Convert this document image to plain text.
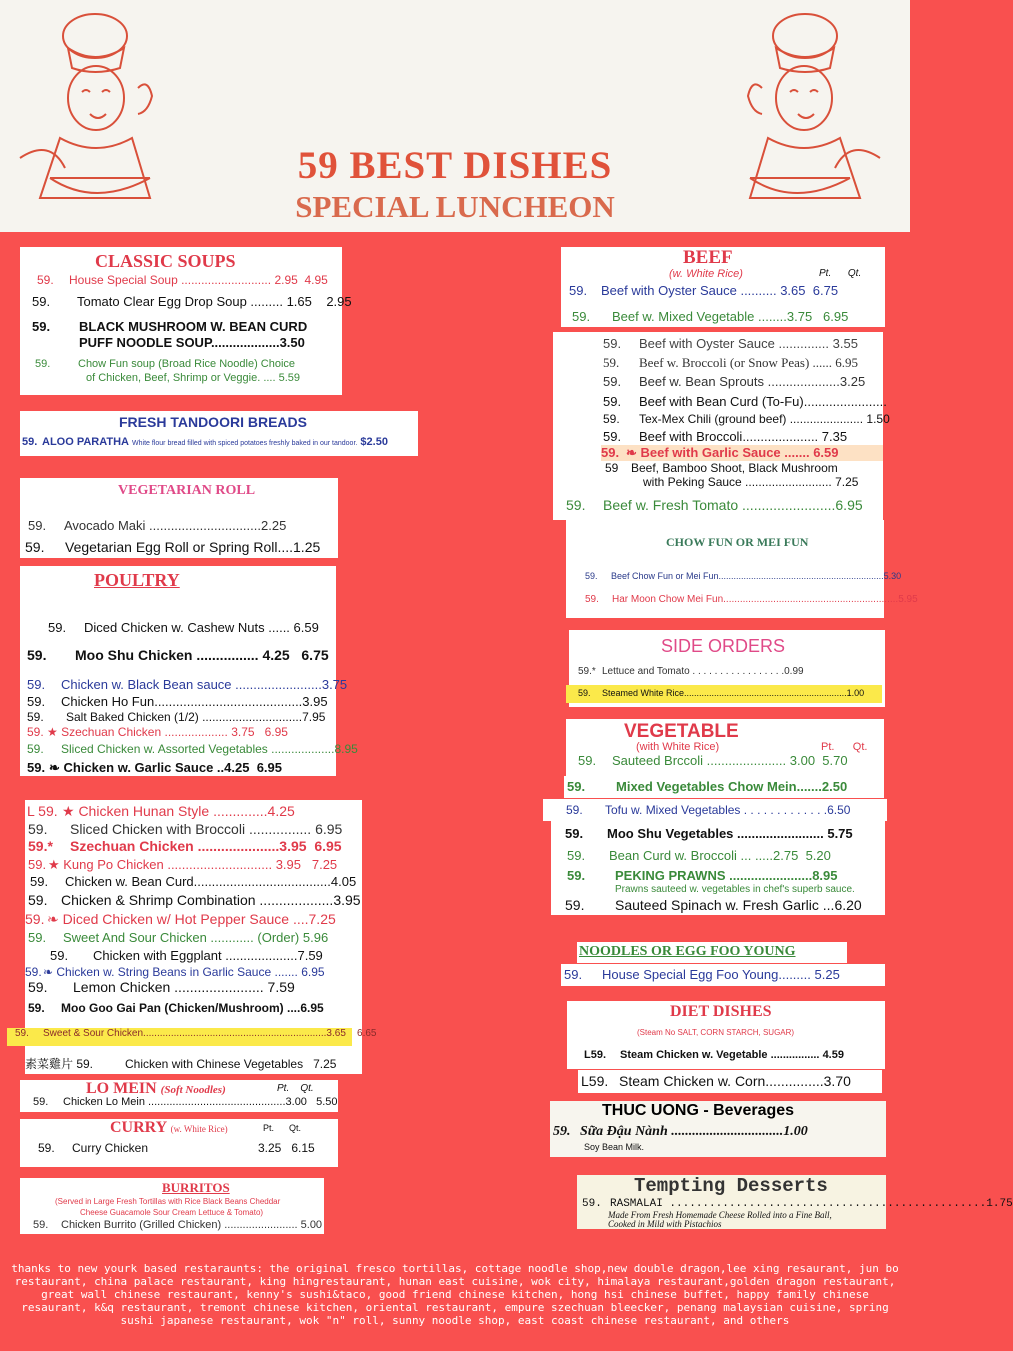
59 BEST DISHES
SPECIAL LUNCHEON
CLASSIC SOUPS
59. House Special Soup ........................... 2.95 4.95
59. Tomato Clear Egg Drop Soup ......... 1.65 2.95
59. BLACK MUSHROOM W. BEAN CURD
PUFF NOODLE SOUP...................3.50
59.	Chow Fun soup (Broad Rice Noodle) Choice
of Chicken, Beef, Shrimp or Veggie. .... 5.59
FRESH TANDOORI BREADS
59. ALOO PARATHA White flour bread filled with spiced potatoes freshly baked in our tandoor. $2.50
VEGETARIAN ROLL
59. Avocado Maki ...............................2.25
59. Vegetarian Egg Roll or Spring Roll....1.25
POULTRY
59. Diced Chicken w. Cashew Nuts ...... 6.59
59. Moo Shu Chicken ................ 4.25 6.75
59. Chicken w. Black Bean sauce ........................3.75
59. Chicken Ho Fun.........................................3.95
59. Salt Baked Chicken (1/2) ..............................7.95
59. ★ Szechuan Chicken ................... 3.75 6.95
59. Sliced Chicken w. Assorted Vegetables ...................8.95
59. ❧ Chicken w. Garlic Sauce ..4.25 6.95
L 59. ★ Chicken Hunan Style ..............4.25
59. Sliced Chicken with Broccoli ................ 6.95
59.* Szechuan Chicken .....................3.95 6.95
59. ★ Kung Po Chicken ............................. 3.95 7.25
59. Chicken w. Bean Curd......................................4.05
59. Chicken & Shrimp Combination ...................3.95
59. ❧ Diced Chicken w/ Hot Pepper Sauce ....7.25
59. Sweet And Sour Chicken ............ (Order) 5.96
59. Chicken with Eggplant ....................7.59
59.❧ Chicken w. String Beans in Garlic Sauce ....... 6.95
59. Lemon Chicken ....................... 7.59
59. Moo Goo Gai Pan (Chicken/Mushroom) ....6.95
59. Sweet & Sour Chicken..................................................................3.65 6.65
素菜雞片 59.	Chicken with Chinese Vegetables 7.25
LO MEIN (Soft Noodles)	Pt. Qt.
59. Chicken Lo Mein .............................................3.00 5.50
CURRY (w. White Rice)	Pt. Qt.
59. Curry Chicken	3.25 6.15
BURRITOS
(Served in Large Fresh Tortillas with Rice Black Beans Cheddar
Cheese Guacamole Sour Cream Lettuce & Tomato)
59. Chicken Burrito (Grilled Chicken) ........................ 5.00
BEEF
(w. White Rice)	Pt. Qt.
59. Beef with Oyster Sauce .......... 3.65 6.75
59. Beef w. Mixed Vegetable ........3.75 6.95
59. Beef with Oyster Sauce .............. 3.55
59. Beef w. Broccoli (or Snow Peas) ...... 6.95
59. Beef w. Bean Sprouts ....................3.25
59. Beef with Bean Curd (To-Fu).......................
59. Tex-Mex Chili (ground beef) ...................... 1.50
59. Beef with Broccoli..................... 7.35
59. ❧ Beef with Garlic Sauce ....... 6.59
59 Beef, Bamboo Shoot, Black Mushroom
with Peking Sauce .......................... 7.25
59. Beef w. Fresh Tomato ........................6.95
CHOW FUN OR MEI FUN
59. Beef Chow Fun or Mei Fun..................................................................5.30
59. Har Moon Chow Mei Fun...............................................................5.95
SIDE ORDERS
59.* Lettuce and Tomato . . . . . . . . . . . . . . . . .0.99
59. Steamed White Rice.................................................................1.00
VEGETABLE
(with White Rice)	Pt. Qt.
59. Sauteed Brccoli ...................... 3.00 5.70
59. Mixed Vegetables Chow Mein.......2.50
59. Tofu w. Mixed Vegetables . . . . . . . . . . . . .6.50
59. Moo Shu Vegetables ........................ 5.75
59. Bean Curd w. Broccoli ... .....2.75 5.20
59. PEKING PRAWNS .......................8.95
Prawns sauteed w. vegetables in chef's superb sauce.
59. Sauteed Spinach w. Fresh Garlic ...6.20
NOODLES OR EGG FOO YOUNG
59. House Special Egg Foo Young......... 5.25
DIET DISHES
(Steam No SALT, CORN STARCH, SUGAR)
L59. Steam Chicken w. Vegetable ................ 4.59
L59. Steam Chicken w. Corn...............3.70
THUC UONG - Beverages
59. Sữa Đậu Nành ................................1.00
Soy Bean Milk.
Tempting Desserts
59. RASMALAI ................................................1.75
Made From Fresh Homemade Cheese Rolled into a Fine Ball,
Cooked in Mild with Pistachios
thanks to new yourk based restaraunts: the original fresco tortillas, cottage noodle shop,new double dragon,lee xing resaurant, jun bo restaurant, china palace restaurant, king hingrestaurant, hunan east cuisine, wok city, himalaya restaurant,golden dragon restaurant, great wall chinese restaurant, kenny's sushi&taco, good friend chinese kitchen, hong hsi chinese buffet, happy family chinese resaurant, k&q restaurant, tremont chinese kitchen, oriental restaurant, empure szechuan bleecker, penang malaysian cuisine, spring sushi japanese restaurant, wok "n" roll, sunny noodle shop, east coast chinese restaurant, and others
